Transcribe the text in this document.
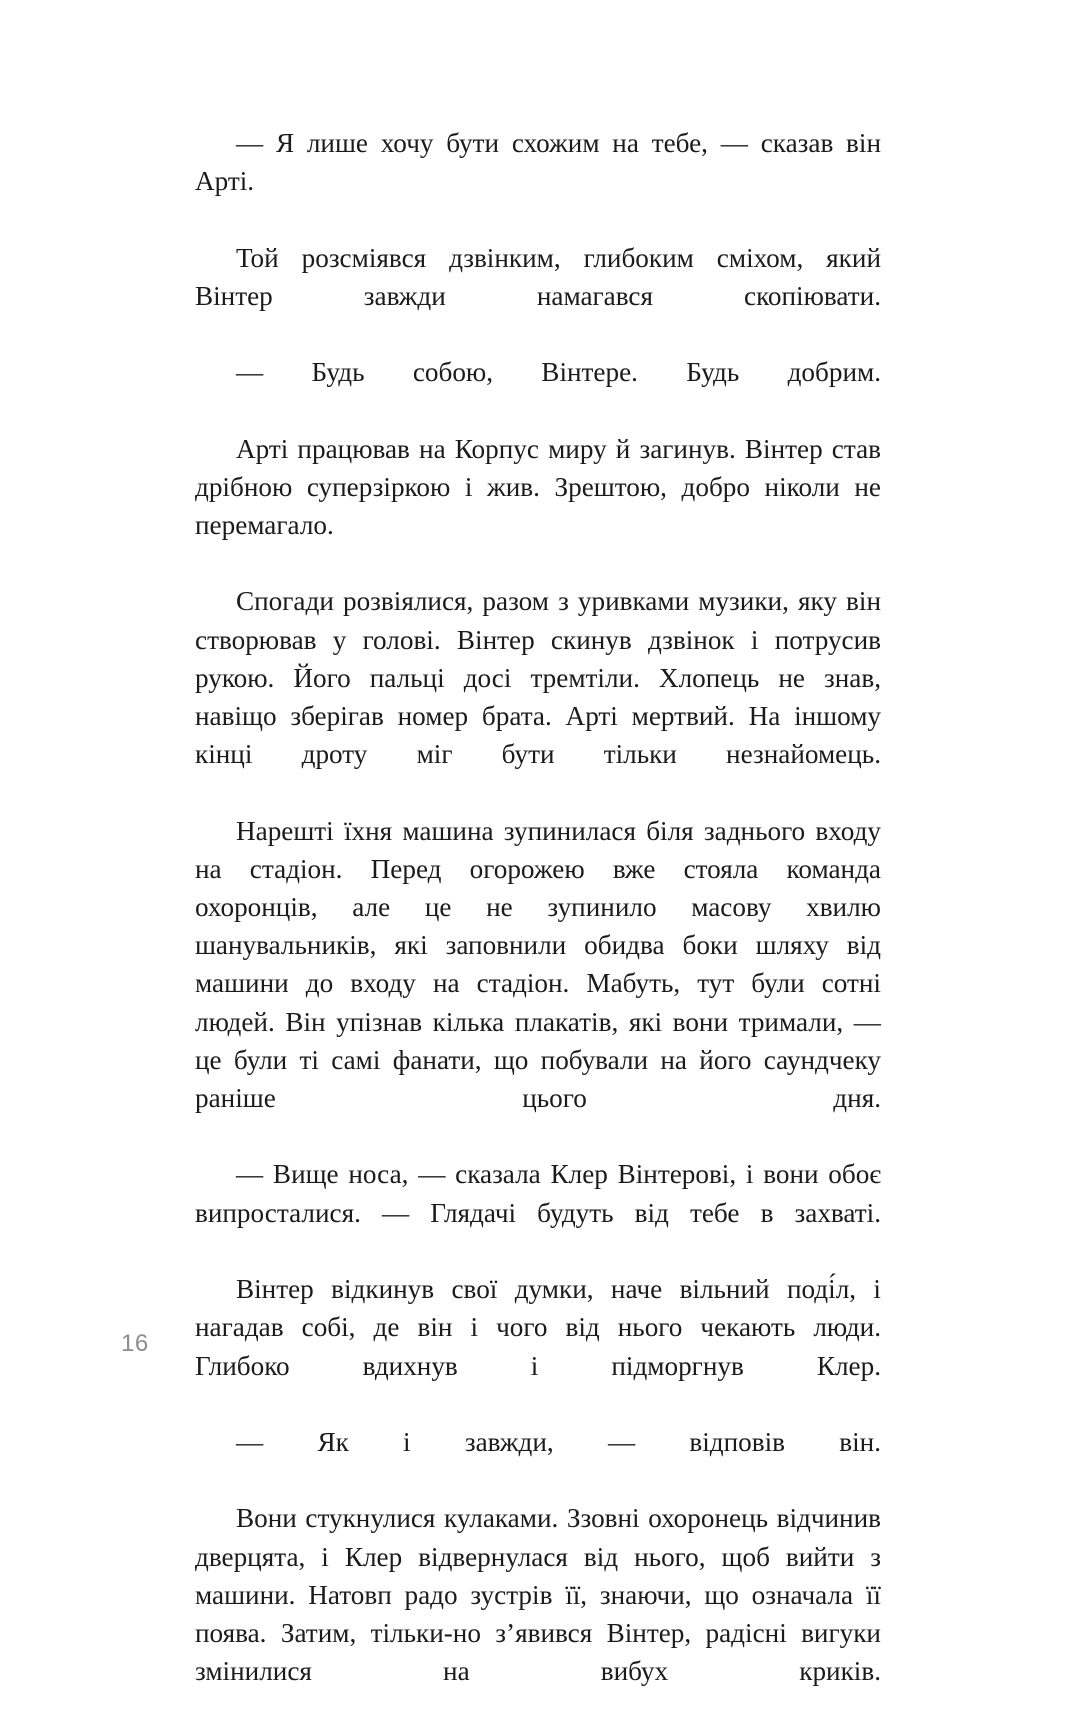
— Я лише хочу бути схожим на тебе, — сказав він Арті.

Той розсміявся дзвінким, глибоким сміхом, який Вінтер завжди намагався скопіювати.

— Будь собою, Вінтере. Будь добрим.

Арті працював на Корпус миру й загинув. Вінтер став дрібною суперзіркою і жив. Зрештою, добро ніколи не перемагало.

Спогади розвіялися, разом з уривками музики, яку він створював у голові. Вінтер скинув дзвінок і потрусив рукою. Його пальці досі тремтіли. Хлопець не знав, навіщо зберігав номер брата. Арті мертвий. На іншому кінці дроту міг бути тільки незнайомець.

Нарешті їхня машина зупинилася біля заднього входу на стадіон. Перед огорожею вже стояла команда охоронців, але це не зупинило масову хвилю шанувальників, які заповнили обидва боки шляху від машини до входу на стадіон. Мабуть, тут були сотні людей. Він упізнав кілька плакатів, які вони тримали, — це були ті самі фанати, що побували на його саундчеку раніше цього дня.

— Вище носа, — сказала Клер Вінтерові, і вони обоє випросталися. — Глядачі будуть від тебе в захваті.

Вінтер відкинув свої думки, наче вільний поді́л, і нагадав собі, де він і чого від нього чекають люди. Глибоко вдихнув і підморгнув Клер.

— Як і завжди, — відповів він.

Вони стукнулися кулаками. Ззовні охоронець відчинив дверцята, і Клер відвернулася від нього, щоб вийти з машини. Натовп радо зустрів її, знаючи, що означала її поява. Затим, тільки-но з’явився Вінтер, радісні вигуки змінилися на вибух криків.

16
